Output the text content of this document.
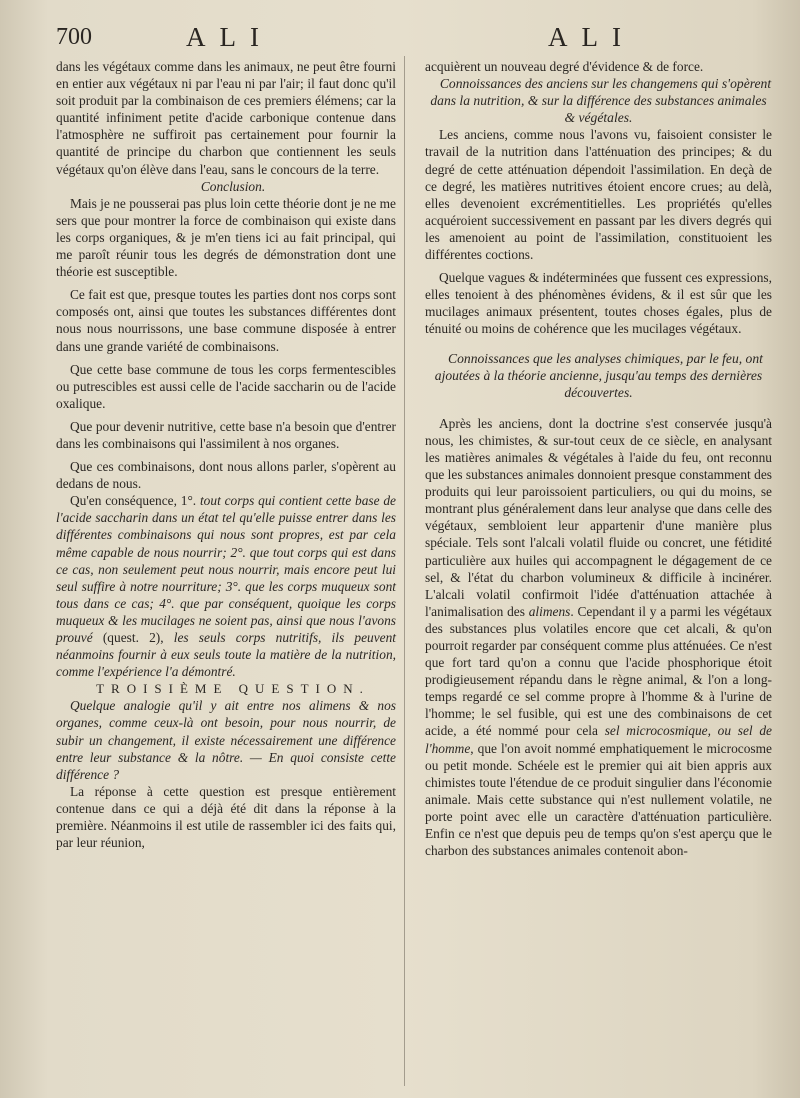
700	ALI	ALI

dans les végétaux comme dans les animaux, ne peut être fourni en entier aux végétaux ni par l'eau ni par l'air; il faut donc qu'il soit produit par la combinaison de ces premiers élémens; car la quantité infiniment petite d'acide carbonique contenue dans l'atmosphère ne suffiroit pas certainement pour fournir la quantité de principe du charbon que contiennent les seuls végétaux qu'on élève dans l'eau, sans le concours de la terre.

Conclusion.

Mais je ne pousserai pas plus loin cette théorie dont je ne me sers que pour montrer la force de combinaison qui existe dans les corps organiques, & je m'en tiens ici au fait principal, qui me paroît réunir tous les degrés de démonstration dont une théorie est susceptible.

Ce fait est que, presque toutes les parties dont nos corps sont composés ont, ainsi que toutes les substances différentes dont nous nous nourrissons, une base commune disposée à entrer dans une grande variété de combinaisons.

Que cette base commune de tous les corps fermentescibles ou putrescibles est aussi celle de l'acide saccharin ou de l'acide oxalique.

Que pour devenir nutritive, cette base n'a besoin que d'entrer dans les combinaisons qui l'assimilent à nos organes.

Que ces combinaisons, dont nous allons parler, s'opèrent au dedans de nous.

Qu'en conséquence, 1°. tout corps qui contient cette base de l'acide saccharin dans un état tel qu'elle puisse entrer dans les différentes combinaisons qui nous sont propres, est par cela même capable de nous nourrir; 2°. que tout corps qui est dans ce cas, non seulement peut nous nourrir, mais encore peut lui seul suffire à notre nourriture; 3°. que les corps muqueux sont tous dans ce cas; 4°. que par conséquent, quoique les corps muqueux & les mucilages ne soient pas, ainsi que nous l'avons prouvé (quest. 2), les seuls corps nutritifs, ils peuvent néanmoins fournir à eux seuls toute la matière de la nutrition, comme l'expérience l'a démontré.

TROISIÈME QUESTION.

Quelque analogie qu'il y ait entre nos alimens & nos organes, comme ceux-là ont besoin, pour nous nourrir, de subir un changement, il existe nécessairement une différence entre leur substance & la nôtre. — En quoi consiste cette différence ?

La réponse à cette question est presque entièrement contenue dans ce qui a déjà été dit dans la réponse à la première. Néanmoins il est utile de rassembler ici des faits qui, par leur réunion,

acquièrent un nouveau degré d'évidence & de force.

Connoissances des anciens sur les changemens qui s'opèrent dans la nutrition, & sur la différence des substances animales & végétales.

Les anciens, comme nous l'avons vu, faisoient consister le travail de la nutrition dans l'atténuation des principes; & du degré de cette atténuation dépendoit l'assimilation. En deçà de ce degré, les matières nutritives étoient encore crues; au delà, elles devenoient excrémentitielles. Les propriétés qu'elles acquéroient successivement en passant par les divers degrés qui les amenoient au point de l'assimilation, constituoient les différentes coctions.

Quelque vagues & indéterminées que fussent ces expressions, elles tenoient à des phénomènes évidens, & il est sûr que les mucilages animaux présentent, toutes choses égales, plus de ténuité ou moins de cohérence que les mucilages végétaux.

Connoissances que les analyses chimiques, par le feu, ont ajoutées à la théorie ancienne, jusqu'au temps des dernières découvertes.

Après les anciens, dont la doctrine s'est conservée jusqu'à nous, les chimistes, & sur-tout ceux de ce siècle, en analysant les matières animales & végétales à l'aide du feu, ont reconnu que les substances animales donnoient presque constamment des produits qui leur paroissoient particuliers, ou qui du moins, se montrant plus généralement dans leur analyse que dans celle des végétaux, sembloient leur appartenir d'une manière plus spéciale. Tels sont l'alcali volatil fluide ou concret, une fétidité particulière aux huiles qui accompagnent le dégagement de ce sel, & l'état du charbon volumineux & difficile à incinérer. L'alcali volatil confirmoit l'idée d'atténuation attachée à l'animalisation des alimens. Cependant il y a parmi les végétaux des substances plus volatiles encore que cet alcali, & qu'on pourroit regarder par conséquent comme plus atténuées. Ce n'est que fort tard qu'on a connu que l'acide phosphorique étoit prodigieusement répandu dans le règne animal, & l'on a long-temps regardé ce sel comme propre à l'homme & à l'urine de l'homme; le sel fusible, qui est une des combinaisons de cet acide, a été nommé pour cela sel microcosmique, ou sel de l'homme, que l'on avoit nommé emphatiquement le microcosme ou petit monde. Schéele est le premier qui ait bien appris aux chimistes toute l'étendue de ce produit singulier dans l'économie animale. Mais cette substance qui n'est nullement volatile, ne porte point avec elle un caractère d'atténuation particulière. Enfin ce n'est que depuis peu de temps qu'on s'est aperçu que le charbon des substances animales contenoit abon-
